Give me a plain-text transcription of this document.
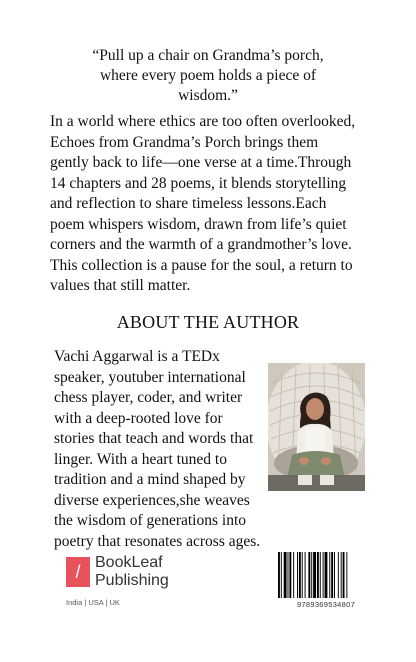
“Pull up a chair on Grandma’s porch,
where every poem holds a piece of
wisdom.”
In a world where ethics are too often overlooked,
Echoes from Grandma’s Porch brings them
gently back to life—one verse at a time.Through
14 chapters and 28 poems, it blends storytelling
and reflection to share timeless lessons.Each
poem whispers wisdom, drawn from life’s quiet
corners and the warmth of a grandmother’s love.
This collection is a pause for the soul, a return to
values that still matter.
ABOUT THE AUTHOR
Vachi Aggarwal is a TEDx
speaker, youtuber international
chess player, coder, and writer
with a deep-rooted love for
stories that teach and words that
linger. With a heart tuned to
tradition and a mind shaped by
diverse experiences,she weaves
the wisdom of generations into
poetry that resonates across ages.
/ BookLeaf
Publishing
India | USA | UK	9789369534807
